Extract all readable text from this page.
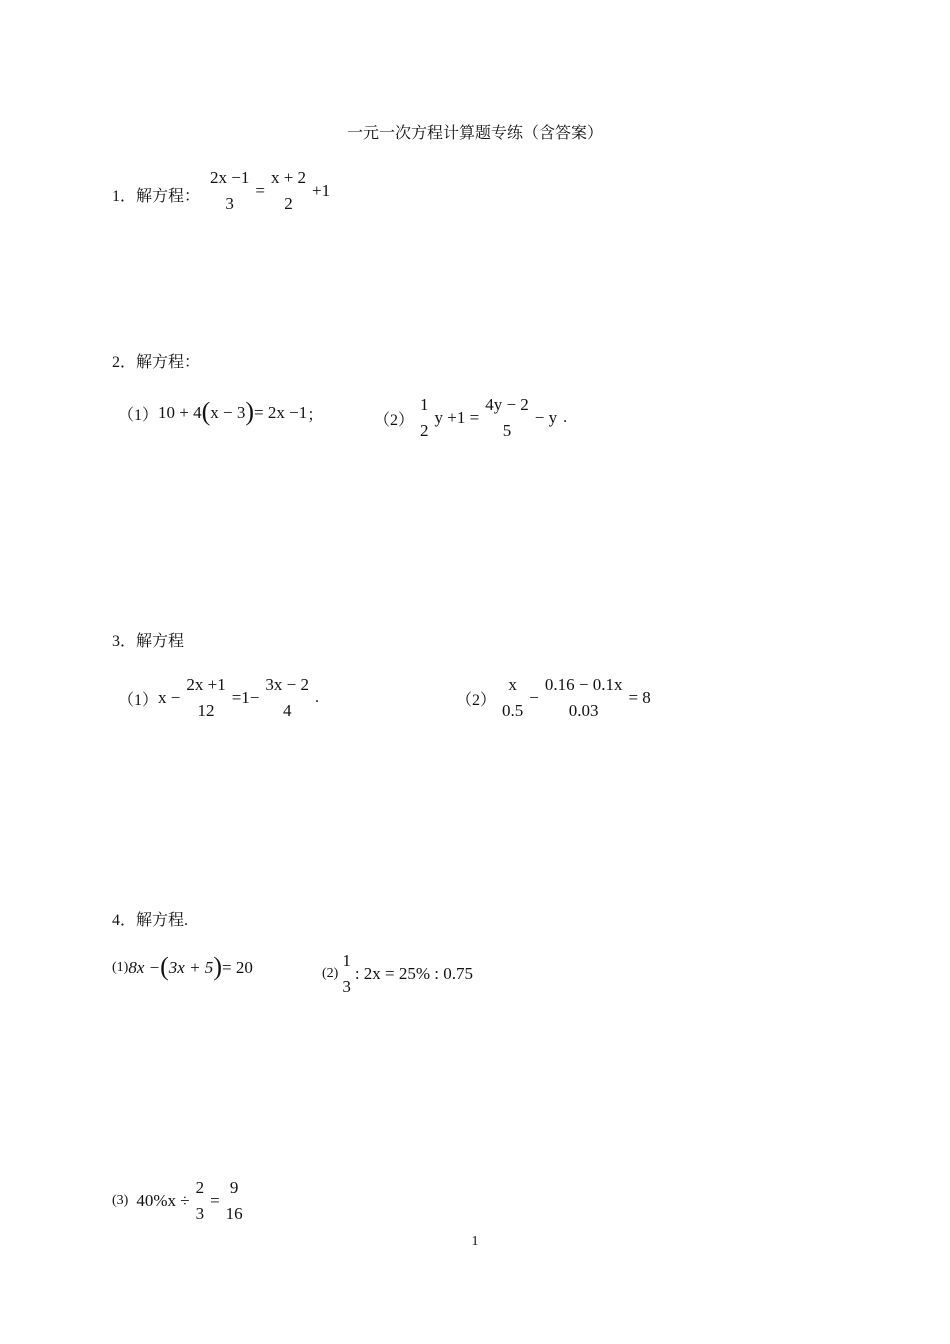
一元一次方程计算题专练（含答案）
1．解方程：
2x −1
3
=
x + 2
2
+1
2．解方程：
（1） 10 + 4 ( x − 3 ) = 2x −1 ；	（2）
1
2
y +1 =
4y − 2
5
− y .
3．解方程
（1） x −
2x +1
12
=1−
3x − 2
4
.	（2）
x
0.5
−
0.16 − 0.1x
0.03
= 8
4．解方程.
(1) 8x − ( 3x + 5 ) = 20	(2)
1
3
: 2x = 25% : 0.75
(3) 40%x ÷
2
3
=
9
16
1
